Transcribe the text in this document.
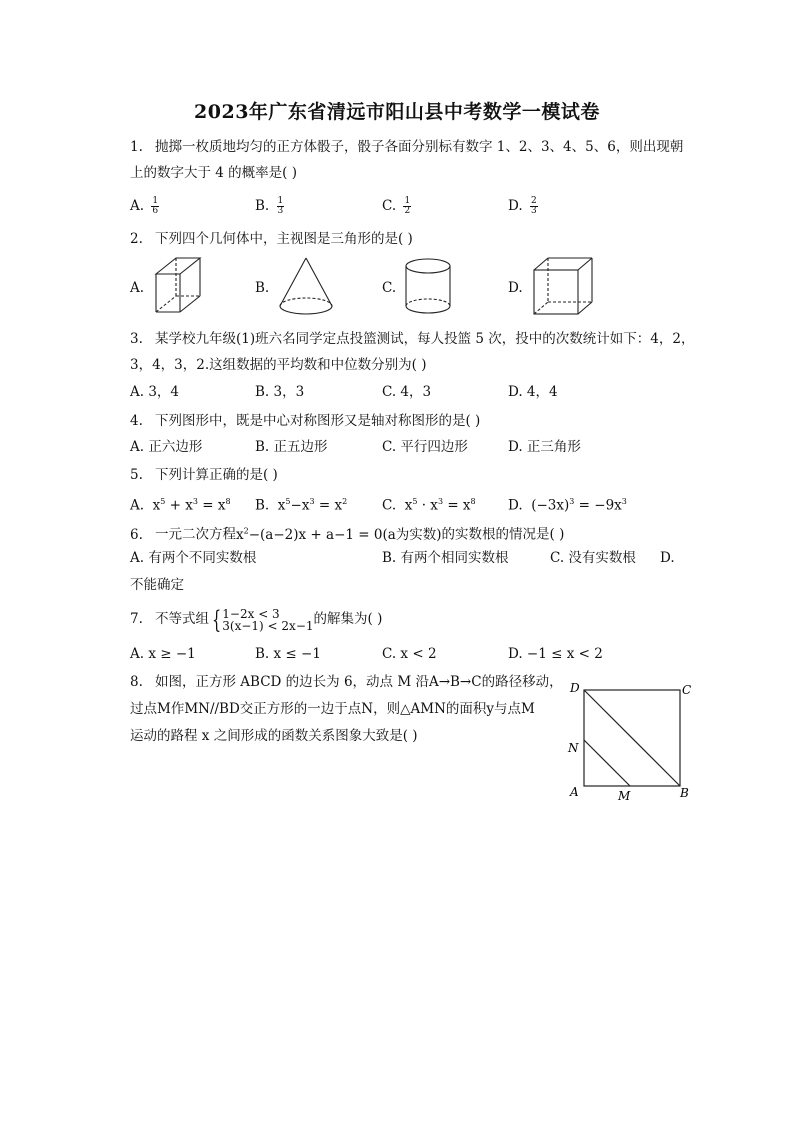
2023年广东省清远市阳山县中考数学一模试卷
1. 抛掷一枚质地均匀的正方体骰子，骰子各面分别标有数字 1、2、3、4、5、6，则出现朝
上的数字大于 4 的概率是( )
A. $\frac{1}{6}$	B. $\frac{1}{3}$	C. $\frac{1}{2}$	D. $\frac{2}{3}$
2. 下列四个几何体中，主视图是三角形的是( )
A.	B.	C.	D.
3. 某学校九年级(1)班六名同学定点投篮测试，每人投篮 5 次，投中的次数统计如下：4，2，
3，4，3，2.这组数据的平均数和中位数分别为( )
A. 3，4	B. 3，3	C. 4，3	D. 4，4
4. 下列图形中，既是中心对称图形又是轴对称图形的是( )
A. 正六边形	B. 正五边形	C. 平行四边形	D. 正三角形
5. 下列计算正确的是( )
A.  $x^5 + x^3 = x^8$ B.  $x^5-x^3 = x^2$	C.  $x^5 \cdot x^3 = x^8$ D.  $(-3x)^3 = -9x^3$
6. 一元二次方程$x^2-(a-2)x + a-1 = 0(a$为实数)的实数根的情况是( )
A. 有两个不同实数根	B. 有两个相同实数根	C. 没有实数根 D.
不能确定
7. 不等式组 { 1−2x < 3
3(x−1) < 2x−1 的解集为( )
A. x ≥ −1	B. x ≤ −1	C. x < 2	D. −1 ≤ x < 2
8. 如图，正方形 ABCD 的边长为 6，动点 M 沿A→B→C的路径移动，
过点M作MN//BD交正方形的一边于点N，则△AMN的面积y与点M
运动的路程 x 之间形成的函数关系图象大致是( )
D	C
N
A	M	B
